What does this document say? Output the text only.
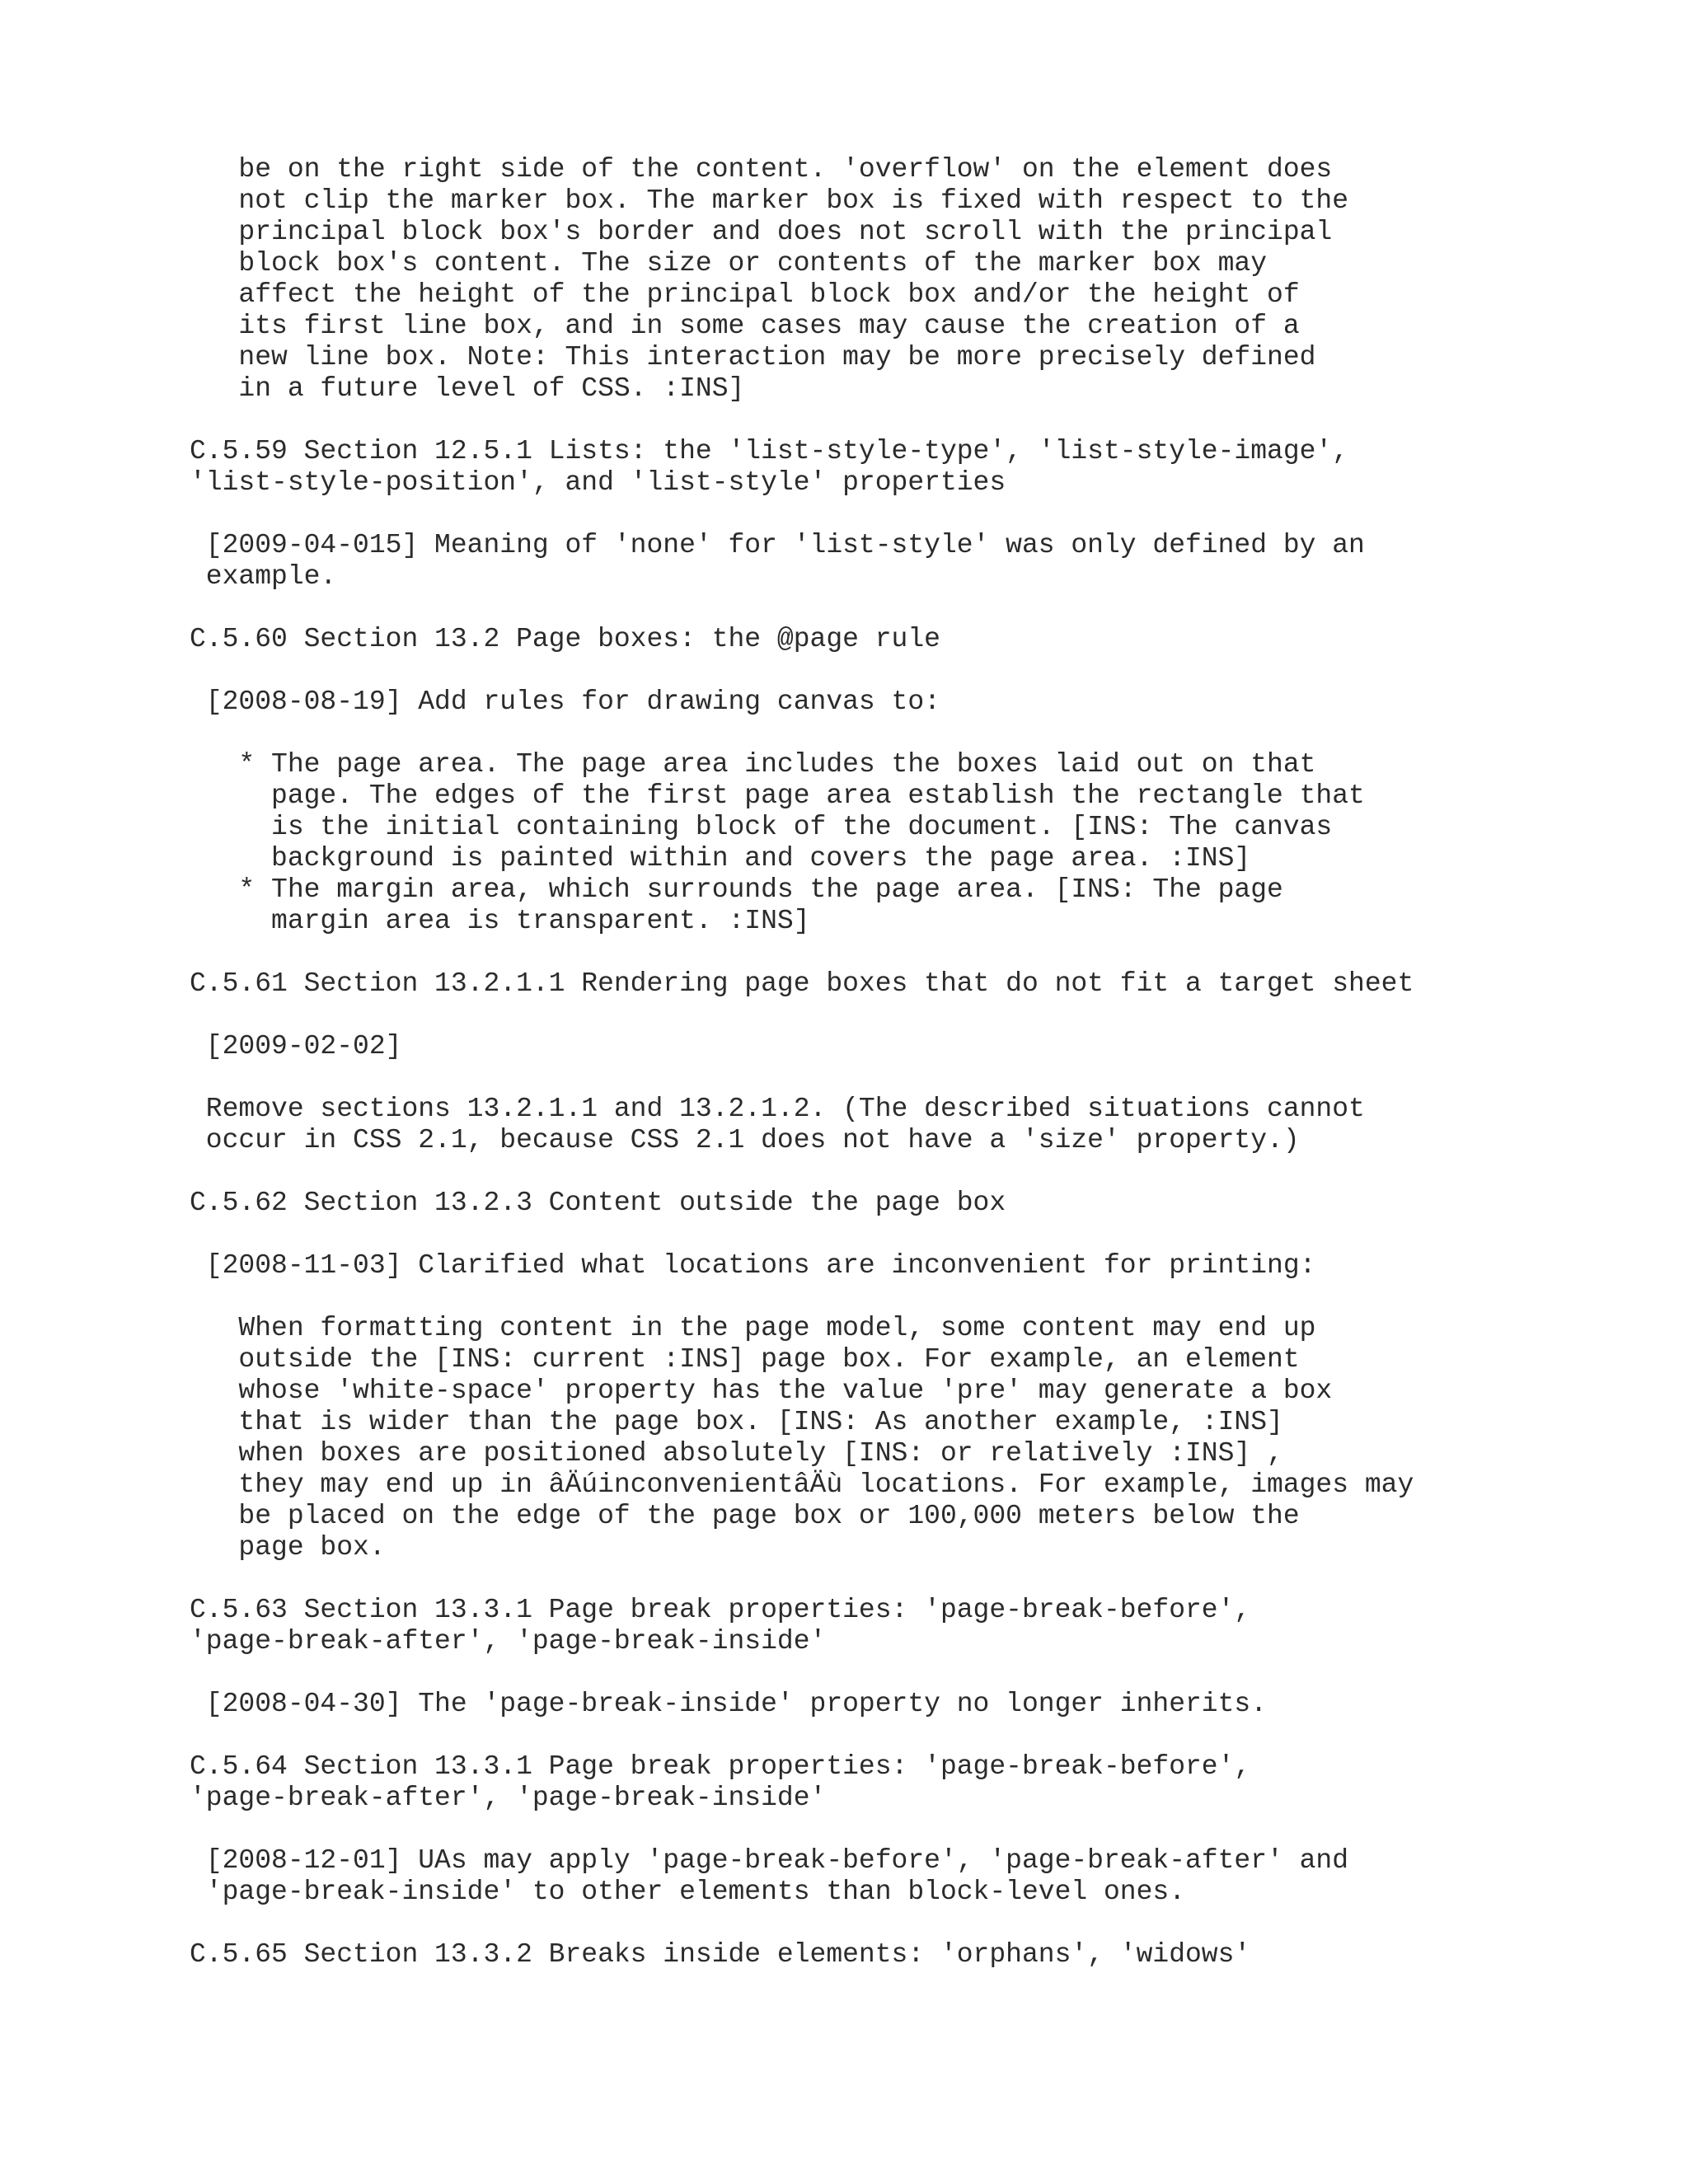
be on the right side of the content. 'overflow' on the element does
not clip the marker box. The marker box is fixed with respect to the
principal block box's border and does not scroll with the principal
block box's content. The size or contents of the marker box may
affect the height of the principal block box and/or the height of
its first line box, and in some cases may cause the creation of a
new line box. Note: This interaction may be more precisely defined
in a future level of CSS. :INS]
C.5.59 Section 12.5.1 Lists: the 'list-style-type', 'list-style-image',
'list-style-position', and 'list-style' properties
[2009-04-015] Meaning of 'none' for 'list-style' was only defined by an
example.
C.5.60 Section 13.2 Page boxes: the @page rule
[2008-08-19] Add rules for drawing canvas to:
* The page area. The page area includes the boxes laid out on that
page. The edges of the first page area establish the rectangle that
is the initial containing block of the document. [INS: The canvas
background is painted within and covers the page area. :INS]
* The margin area, which surrounds the page area. [INS: The page
margin area is transparent. :INS]
C.5.61 Section 13.2.1.1 Rendering page boxes that do not fit a target sheet
[2009-02-02]
Remove sections 13.2.1.1 and 13.2.1.2. (The described situations cannot
occur in CSS 2.1, because CSS 2.1 does not have a 'size' property.)
C.5.62 Section 13.2.3 Content outside the page box
[2008-11-03] Clarified what locations are inconvenient for printing:
When formatting content in the page model, some content may end up
outside the [INS: current :INS] page box. For example, an element
whose 'white-space' property has the value 'pre' may generate a box
that is wider than the page box. [INS: As another example, :INS]
when boxes are positioned absolutely [INS: or relatively :INS] ,
they may end up in âÄúinconvenientâÄù locations. For example, images may
be placed on the edge of the page box or 100,000 meters below the
page box.
C.5.63 Section 13.3.1 Page break properties: 'page-break-before',
'page-break-after', 'page-break-inside'
[2008-04-30] The 'page-break-inside' property no longer inherits.
C.5.64 Section 13.3.1 Page break properties: 'page-break-before',
'page-break-after', 'page-break-inside'
[2008-12-01] UAs may apply 'page-break-before', 'page-break-after' and
'page-break-inside' to other elements than block-level ones.
C.5.65 Section 13.3.2 Breaks inside elements: 'orphans', 'widows'
